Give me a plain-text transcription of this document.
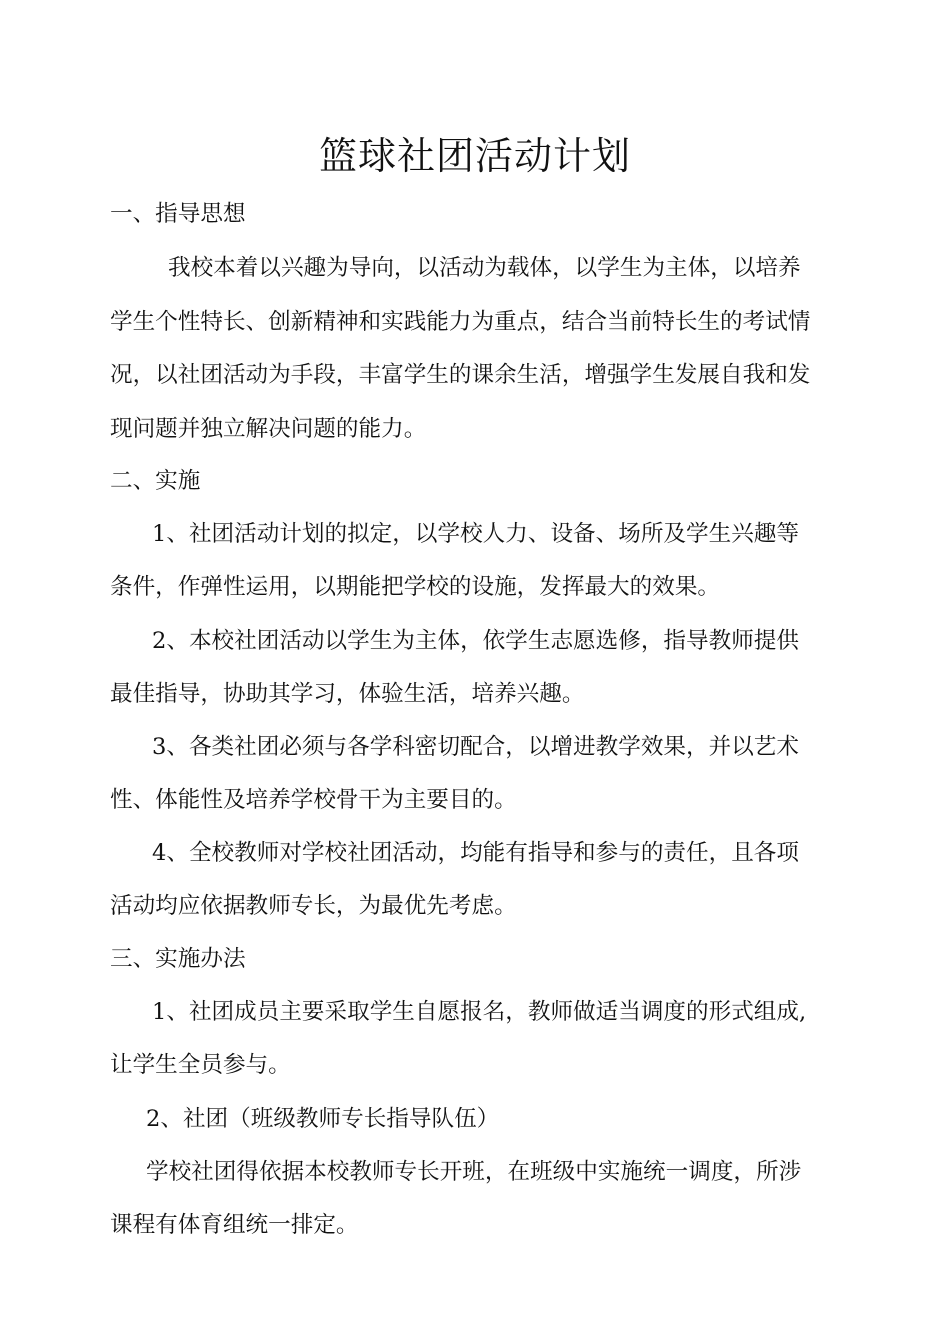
篮球社团活动计划
一、指导思想
我校本着以兴趣为导向，以活动为载体，以学生为主体，以培养
学生个性特长、创新精神和实践能力为重点，结合当前特长生的考试情
况，以社团活动为手段，丰富学生的课余生活，增强学生发展自我和发
现问题并独立解决问题的能力。
二、实施
1、社团活动计划的拟定，以学校人力、设备、场所及学生兴趣等
条件，作弹性运用，以期能把学校的设施，发挥最大的效果。
2、本校社团活动以学生为主体，依学生志愿选修，指导教师提供
最佳指导，协助其学习，体验生活，培养兴趣。
3、各类社团必须与各学科密切配合，以增进教学效果，并以艺术
性、体能性及培养学校骨干为主要目的。
4、全校教师对学校社团活动，均能有指导和参与的责任，且各项
活动均应依据教师专长，为最优先考虑。
三、实施办法
1、社团成员主要采取学生自愿报名，教师做适当调度的形式组成,
让学生全员参与。
2、社团（班级教师专长指导队伍）
学校社团得依据本校教师专长开班，在班级中实施统一调度，所涉
课程有体育组统一排定。
